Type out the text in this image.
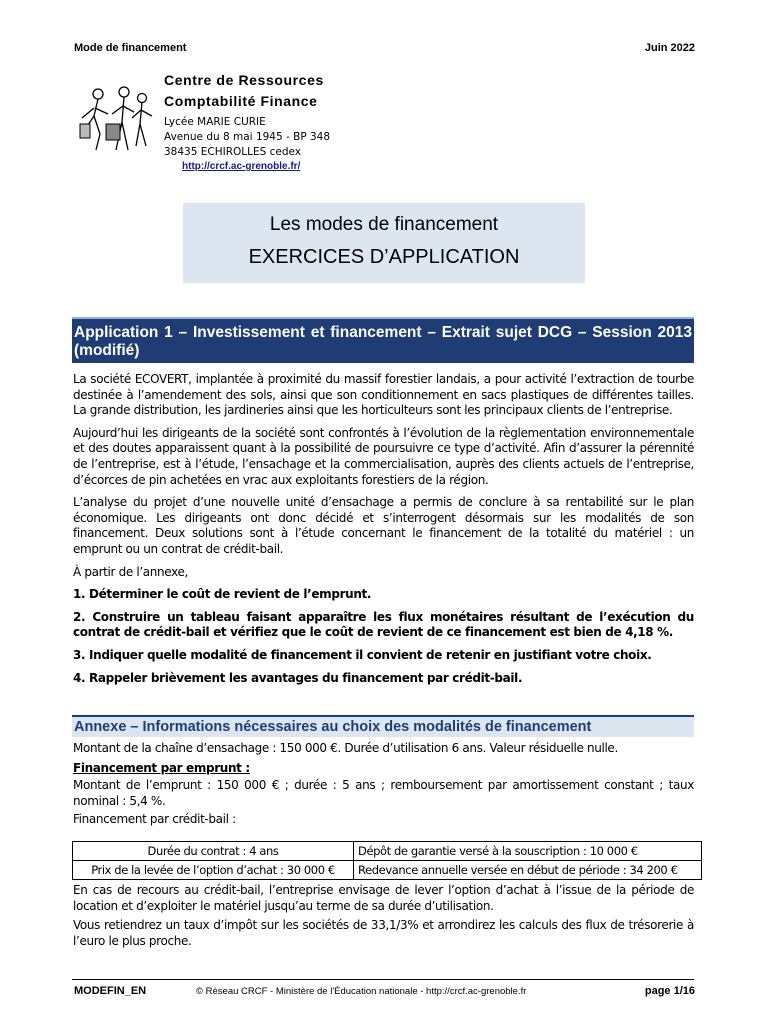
Mode de financement	Juin 2022
Centre de Ressources
Comptabilité Finance
Lycée MARIE CURIE
Avenue du 8 mai 1945 - BP 348
38435 ECHIROLLES cedex
http://crcf.ac-grenoble.fr/
Les modes de financement
EXERCICES D’APPLICATION
Application 1 – Investissement et financement – Extrait sujet DCG – Session 2013 (modifié)

La société ECOVERT, implantée à proximité du massif forestier landais, a pour activité l’extraction de tourbe destinée à l’amendement des sols, ainsi que son conditionnement en sacs plastiques de différentes tailles. La grande distribution, les jardineries ainsi que les horticulteurs sont les principaux clients de l’entreprise.

Aujourd’hui les dirigeants de la société sont confrontés à l’évolution de la règlementation environnementale et des doutes apparaissent quant à la possibilité de poursuivre ce type d’activité. Afin d’assurer la pérennité de l’entreprise, est à l’étude, l’ensachage et la commercialisation, auprès des clients actuels de l’entreprise, d’écorces de pin achetées en vrac aux exploitants forestiers de la région.

L’analyse du projet d’une nouvelle unité d’ensachage a permis de conclure à sa rentabilité sur le plan économique. Les dirigeants ont donc décidé et s’interrogent désormais sur les modalités de son financement. Deux solutions sont à l’étude concernant le financement de la totalité du matériel : un emprunt ou un contrat de crédit-bail.

À partir de l’annexe,

1. Déterminer le coût de revient de l’emprunt.

2. Construire un tableau faisant apparaître les flux monétaires résultant de l’exécution du contrat de crédit-bail et vérifiez que le coût de revient de ce financement est bien de 4,18 %.

3. Indiquer quelle modalité de financement il convient de retenir en justifiant votre choix.

4. Rappeler brièvement les avantages du financement par crédit-bail.

Annexe – Informations nécessaires au choix des modalités de financement

Montant de la chaîne d’ensachage : 150 000 €. Durée d’utilisation 6 ans. Valeur résiduelle nulle.

Financement par emprunt :

Montant de l’emprunt : 150 000 € ; durée : 5 ans ; remboursement par amortissement constant ; taux nominal : 5,4 %.

Financement par crédit-bail :

Durée du contrat : 4 ans	Dépôt de garantie versé à la souscription : 10 000 €
Prix de la levée de l’option d’achat : 30 000 €	Redevance annuelle versée en début de période : 34 200 €

En cas de recours au crédit-bail, l’entreprise envisage de lever l’option d’achat à l’issue de la période de location et d’exploiter le matériel jusqu’au terme de sa durée d’utilisation.

Vous retiendrez un taux d’impôt sur les sociétés de 33,1/3% et arrondirez les calculs des flux de trésorerie à l’euro le plus proche.

MODEFIN_EN	© Réseau CRCF - Ministère de l'Éducation nationale - http://crcf.ac-grenoble.fr	page 1/16
